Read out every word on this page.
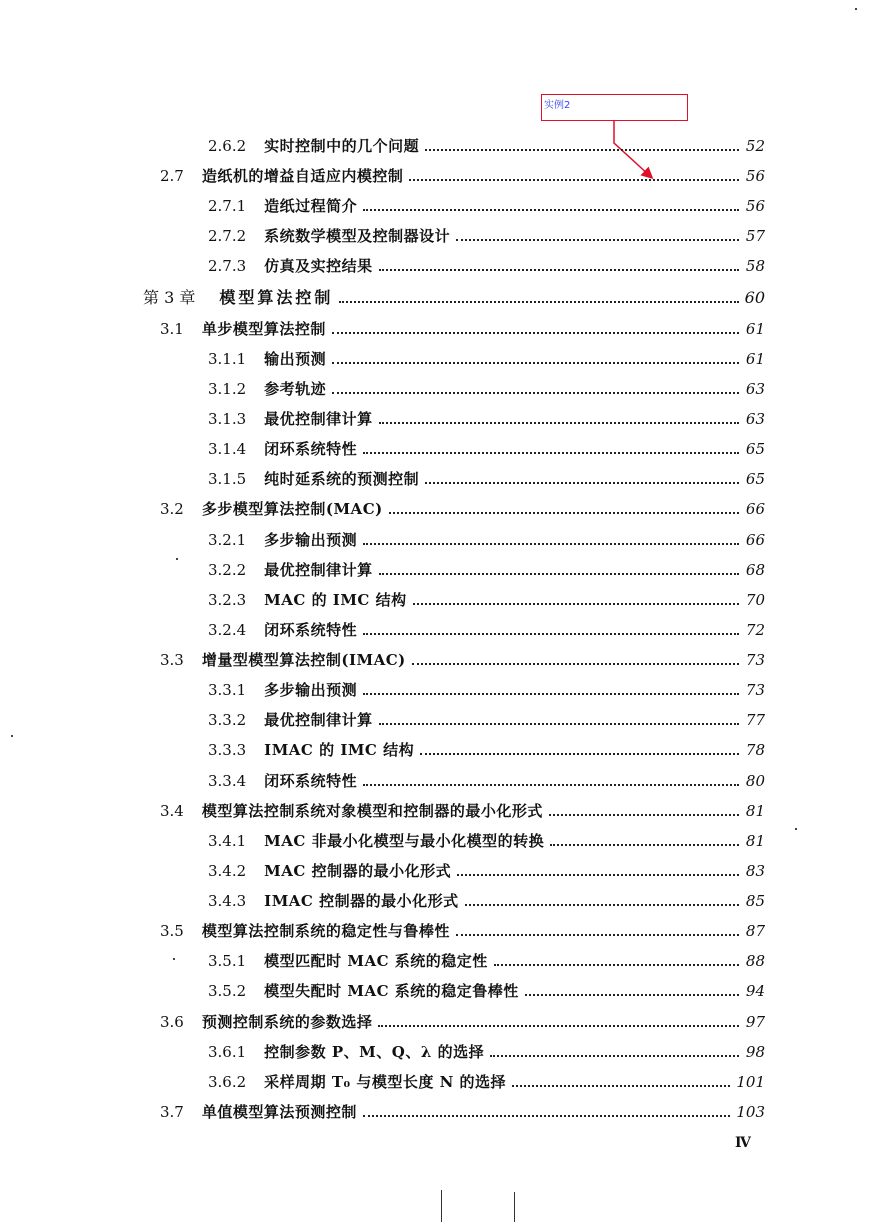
实例2
2.6.2 实时控制中的几个问题	52
2.7 造纸机的增益自适应内模控制	56
2.7.1 造纸过程简介	56
2.7.2 系统数学模型及控制器设计	57
2.7.3 仿真及实控结果	58
第 3 章 模型算法控制	60
3.1 单步模型算法控制	61
3.1.1 输出预测	61
3.1.2 参考轨迹	63
3.1.3 最优控制律计算	63
3.1.4 闭环系统特性	65
3.1.5 纯时延系统的预测控制	65
3.2 多步模型算法控制(MAC)	66
3.2.1 多步输出预测	66
3.2.2 最优控制律计算	68
3.2.3 MAC 的 IMC 结构	70
3.2.4 闭环系统特性	72
3.3 增量型模型算法控制(IMAC)	73
3.3.1 多步输出预测	73
3.3.2 最优控制律计算	77
3.3.3 IMAC 的 IMC 结构	78
3.3.4 闭环系统特性	80
3.4 模型算法控制系统对象模型和控制器的最小化形式	81
3.4.1 MAC 非最小化模型与最小化模型的转换	81
3.4.2 MAC 控制器的最小化形式	83
3.4.3 IMAC 控制器的最小化形式	85
3.5 模型算法控制系统的稳定性与鲁棒性	87
3.5.1 模型匹配时 MAC 系统的稳定性	88
3.5.2 模型失配时 MAC 系统的稳定鲁棒性	94
3.6 预测控制系统的参数选择	97
3.6.1 控制参数 P、M、Q、λ 的选择	98
3.6.2 采样周期 T₀ 与模型长度 N 的选择	101
3.7 单值模型算法预测控制	103
Ⅳ
